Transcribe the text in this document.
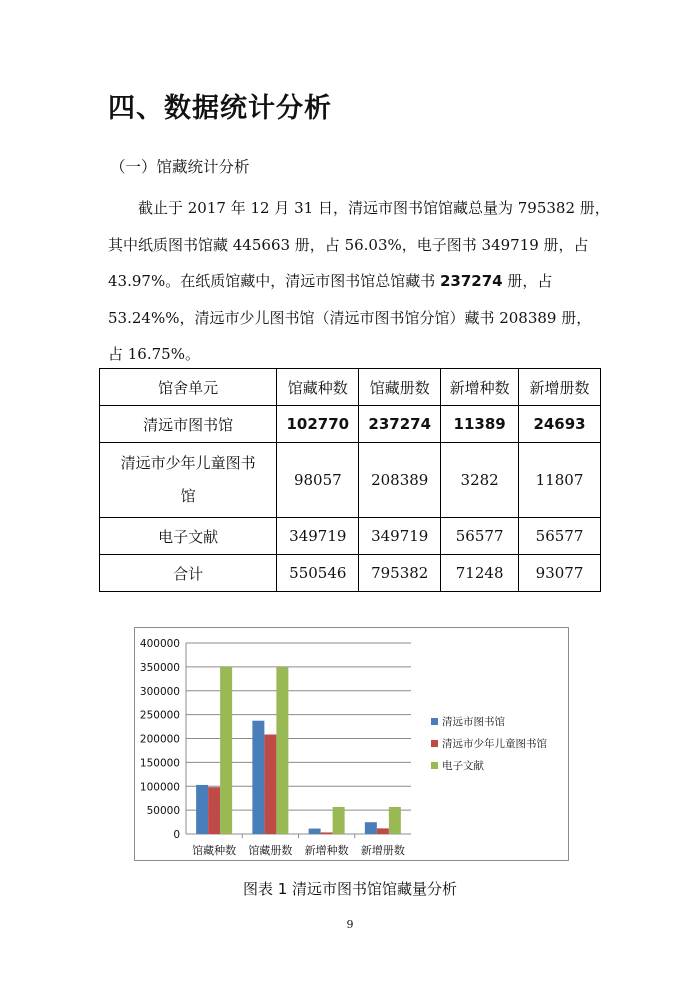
四、数据统计分析
（一）馆藏统计分析
截止于 2017 年 12 月 31 日，清远市图书馆馆藏总量为 795382 册，
其中纸质图书馆藏 445663 册，占 56.03%，电子图书 349719 册，占
43.97%。在纸质馆藏中，清远市图书馆总馆藏书 237274 册，占
53.24%%，清远市少儿图书馆（清远市图书馆分馆）藏书 208389 册，
占 16.75%。
馆舍单元	馆藏种数	馆藏册数	新增种数	新增册数
清远市图书馆	102770	237274	11389	24693
清远市少年儿童图书
馆	98057	208389	3282	11807
电子文献	349719	349719	56577	56577
合计	550546	795382	71248	93077
0
50000
100000
150000
200000
250000
300000
350000
400000
馆藏种数 馆藏册数 新增种数 新增册数
清远市图书馆
清远市少年儿童图书馆
电子文献
图表 1 清远市图书馆馆藏量分析
9
